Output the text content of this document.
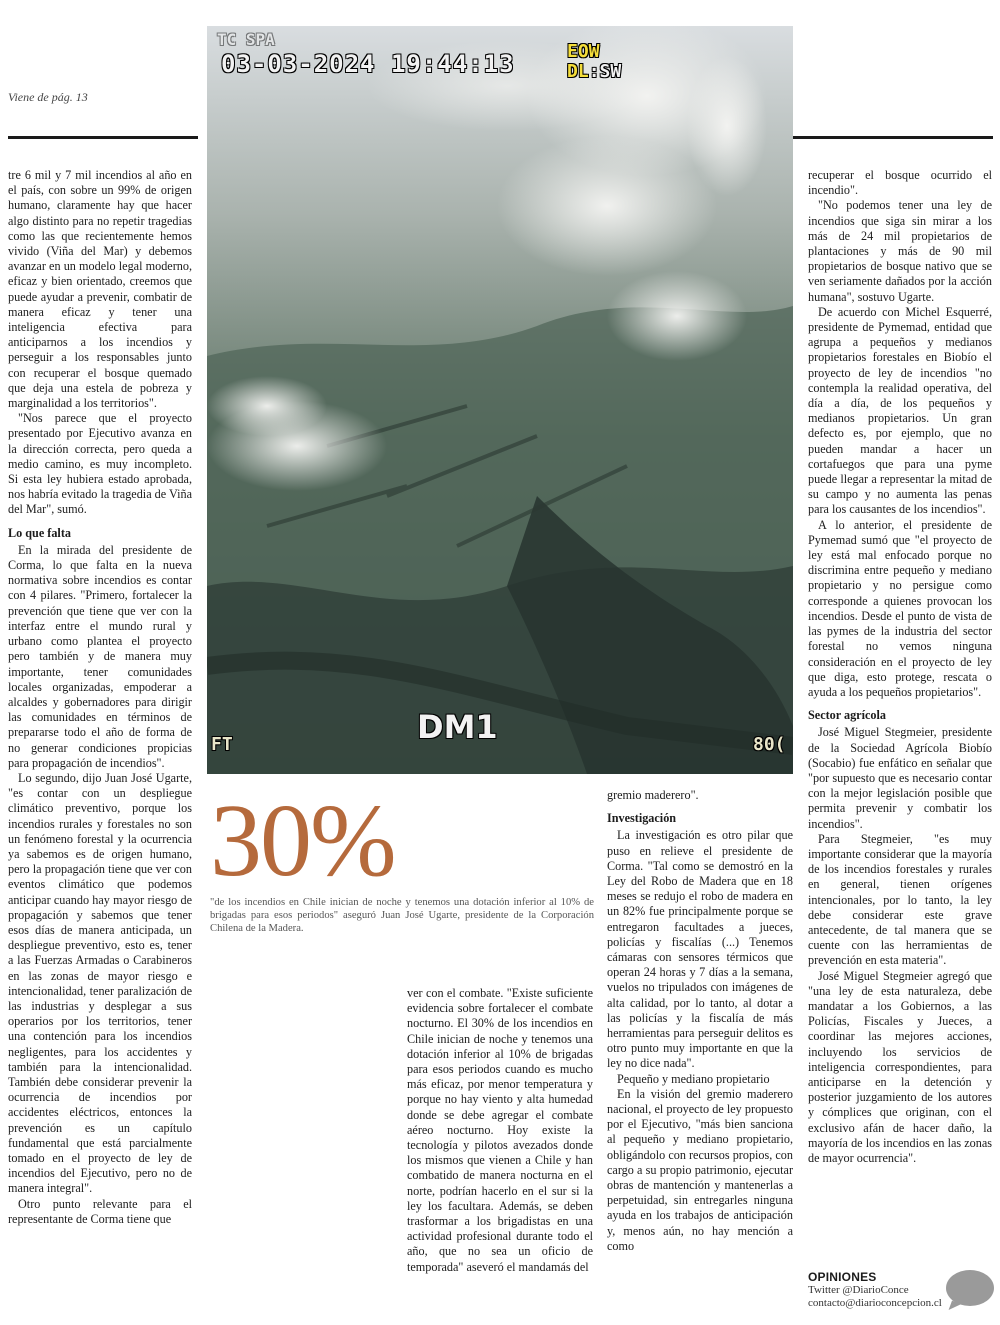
Viene de pág. 13
TC SPA
03-03-2024 19:44:13	EOW
DL:SW
FT	DM1	80(

tre 6 mil y 7 mil incendios al año en el país, con sobre un 99% de origen humano, claramente hay que hacer algo distinto para no repetir tragedias como las que recientemente hemos vivido (Viña del Mar) y debemos avanzar en un modelo legal moderno, eficaz y bien orientado, creemos que puede ayudar a prevenir, combatir de manera eficaz y tener una inteligencia efectiva para anticiparnos a los incendios y perseguir a los responsables junto con recuperar el bosque quemado que deja una estela de pobreza y marginalidad a los territorios".

"Nos parece que el proyecto presentado por Ejecutivo avanza en la dirección correcta, pero queda a medio camino, es muy incompleto. Si esta ley hubiera estado aprobada, nos habría evitado la tragedia de Viña del Mar", sumó.

Lo que falta

En la mirada del presidente de Corma, lo que falta en la nueva normativa sobre incendios es contar con 4 pilares. "Primero, fortalecer la prevención que tiene que ver con la interfaz entre el mundo rural y urbano como plantea el proyecto pero también y de manera muy importante, tener comunidades locales organizadas, empoderar a alcaldes y gobernadores para dirigir las comunidades en términos de prepararse todo el año de forma de no generar condiciones propicias para propagación de incendios".

Lo segundo, dijo Juan José Ugarte, "es contar con un despliegue climático preventivo, porque los incendios rurales y forestales no son un fenómeno forestal y la ocurrencia ya sabemos es de origen humano, pero la propagación tiene que ver con eventos climático que podemos anticipar cuando hay mayor riesgo de propagación y sabemos que tener esos días de manera anticipada, un despliegue preventivo, esto es, tener a las Fuerzas Armadas o Carabineros en las zonas de mayor riesgo e intencionalidad, tener paralización de las industrias y desplegar a sus operarios por los territorios, tener una contención para los incendios negligentes, para los accidentes y también para la intencionalidad. También debe considerar prevenir la ocurrencia de incendios por accidentes eléctricos, entonces la prevención es un capítulo fundamental que está parcialmente tomado en el proyecto de ley de incendios del Ejecutivo, pero no de manera integral".

Otro punto relevante para el representante de Corma tiene que

30%
"de los incendios en Chile inician de noche y tenemos una dotación inferior al 10% de brigadas para esos periodos" aseguró Juan José Ugarte, presidente de la Corporación Chilena de la Madera.

ver con el combate. "Existe suficiente evidencia sobre fortalecer el combate nocturno. El 30% de los incendios en Chile inician de noche y tenemos una dotación inferior al 10% de brigadas para esos periodos cuando es mucho más eficaz, por menor temperatura y porque no hay viento y alta humedad donde se debe agregar el combate aéreo nocturno. Hoy existe la tecnología y pilotos avezados donde los mismos que vienen a Chile y han combatido de manera nocturna en el norte, podrían hacerlo en el sur si la ley los facultara. Además, se deben trasformar a los brigadistas en una actividad profesional durante todo el año, que no sea un oficio de temporada" aseveró el mandamás del

gremio maderero".

Investigación

La investigación es otro pilar que puso en relieve el presidente de Corma. "Tal como se demostró en la Ley del Robo de Madera que en 18 meses se redujo el robo de madera en un 82% fue principalmente porque se entregaron facultades a jueces, policías y fiscalías (...) Tenemos cámaras con sensores térmicos que operan 24 horas y 7 días a la semana, vuelos no tripulados con imágenes de alta calidad, por lo tanto, al dotar a las policías y la fiscalía de más herramientas para perseguir delitos es otro punto muy importante en que la ley no dice nada".

Pequeño y mediano propietario

En la visión del gremio maderero nacional, el proyecto de ley propuesto por el Ejecutivo, "más bien sanciona al pequeño y mediano propietario, obligándolo con recursos propios, con cargo a su propio patrimonio, ejecutar obras de mantención y mantenerlas a perpetuidad, sin entregarles ninguna ayuda en los trabajos de anticipación y, menos aún, no hay mención a como

recuperar el bosque ocurrido el incendio".

"No podemos tener una ley de incendios que siga sin mirar a los más de 24 mil propietarios de plantaciones y más de 90 mil propietarios de bosque nativo que se ven seriamente dañados por la acción humana", sostuvo Ugarte.

De acuerdo con Michel Esquerré, presidente de Pymemad, entidad que agrupa a pequeños y medianos propietarios forestales en Biobío el proyecto de ley de incendios "no contempla la realidad operativa, del día a día, de los pequeños y medianos propietarios. Un gran defecto es, por ejemplo, que no pueden mandar a hacer un cortafuegos que para una pyme puede llegar a representar la mitad de su campo y no aumenta las penas para los causantes de los incendios".

A lo anterior, el presidente de Pymemad sumó que "el proyecto de ley está mal enfocado porque no discrimina entre pequeño y mediano propietario y no persigue como corresponde a quienes provocan los incendios. Desde el punto de vista de las pymes de la industria del sector forestal no vemos ninguna consideración en el proyecto de ley que diga, esto protege, rescata o ayuda a los pequeños propietarios".

Sector agrícola

José Miguel Stegmeier, presidente de la Sociedad Agrícola Biobío (Socabio) fue enfático en señalar que "por supuesto que es necesario contar con la mejor legislación posible que permita prevenir y combatir los incendios".

Para Stegmeier, "es muy importante considerar que la mayoría de los incendios forestales y rurales en general, tienen orígenes intencionales, por lo tanto, la ley debe considerar este grave antecedente, de tal manera que se cuente con las herramientas de prevención en esta materia".

José Miguel Stegmeier agregó que "una ley de esta naturaleza, debe mandatar a los Gobiernos, a las Policías, Fiscales y Jueces, a coordinar las mejores acciones, incluyendo los servicios de inteligencia correspondientes, para anticiparse en la detención y posterior juzgamiento de los autores y cómplices que originan, con el exclusivo afán de hacer daño, la mayoría de los incendios en las zonas de mayor ocurrencia".

OPINIONES
Twitter @DiarioConce
contacto@diarioconcepcion.cl
